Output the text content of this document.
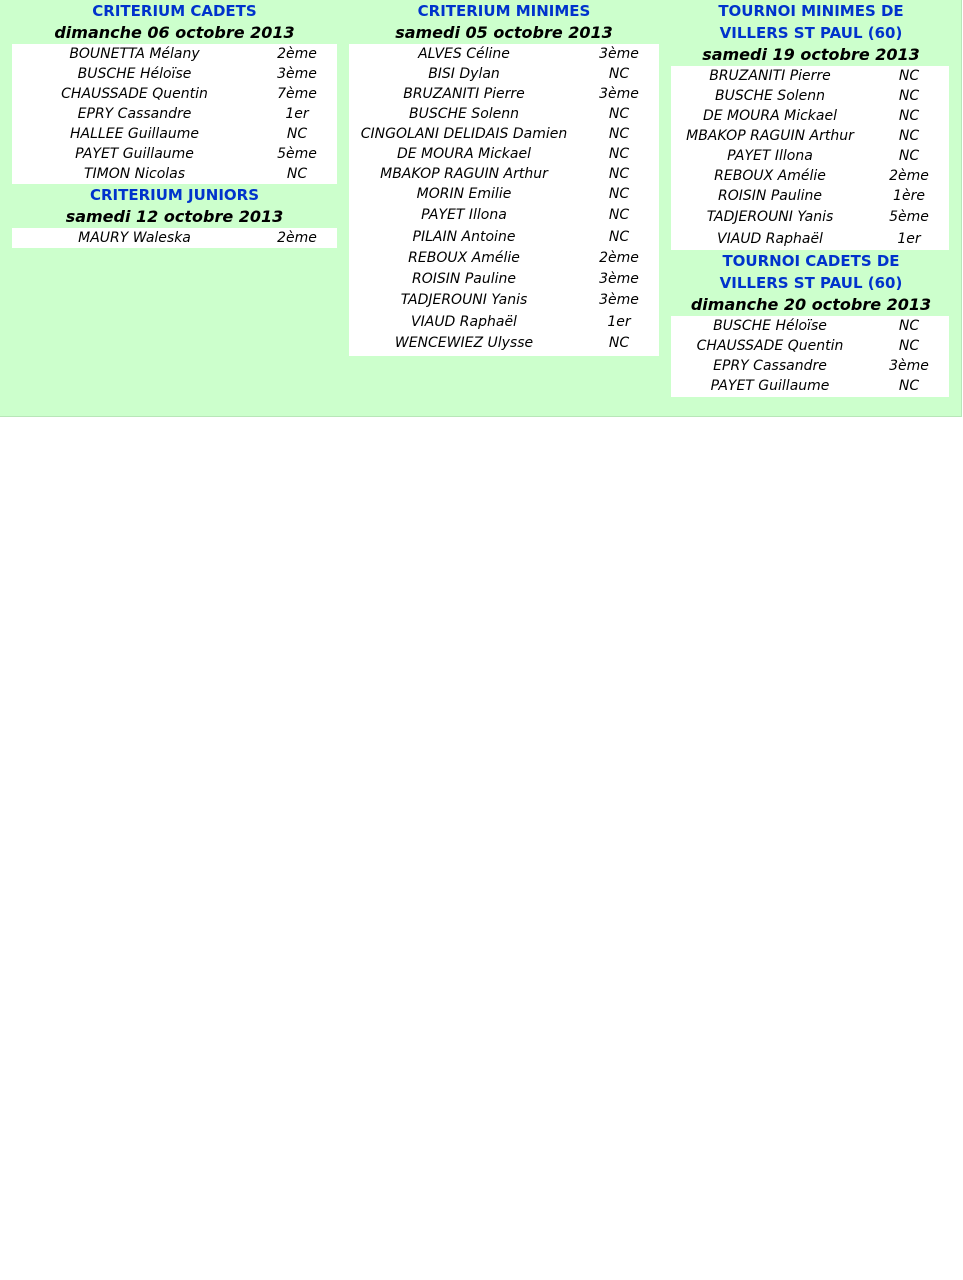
CRITERIUM CADETS
dimanche 06 octobre 2013
BOUNETTA Mélany	2ème
BUSCHE Héloïse	3ème
CHAUSSADE Quentin	7ème
EPRY Cassandre	1er
HALLEE Guillaume	NC
PAYET Guillaume	5ème
TIMON Nicolas	NC
CRITERIUM JUNIORS
samedi 12 octobre 2013
MAURY Waleska	2ème
CRITERIUM MINIMES
samedi 05 octobre 2013
ALVES Céline	3ème
BISI Dylan	NC
BRUZANITI Pierre	3ème
BUSCHE Solenn	NC
CINGOLANI DELIDAIS Damien	NC
DE MOURA Mickael	NC
MBAKOP RAGUIN Arthur	NC
MORIN Emilie	NC
PAYET Illona	NC
PILAIN Antoine	NC
REBOUX Amélie	2ème
ROISIN Pauline	3ème
TADJEROUNI Yanis	3ème
VIAUD Raphaël	1er
WENCEWIEZ Ulysse	NC
TOURNOI MINIMES DE
VILLERS ST PAUL (60)
samedi 19 octobre 2013
BRUZANITI Pierre	NC
BUSCHE Solenn	NC
DE MOURA Mickael	NC
MBAKOP RAGUIN Arthur	NC
PAYET Illona	NC
REBOUX Amélie	2ème
ROISIN Pauline	1ère
TADJEROUNI Yanis	5ème
VIAUD Raphaël	1er
TOURNOI CADETS DE
VILLERS ST PAUL (60)
dimanche 20 octobre 2013
BUSCHE Héloïse	NC
CHAUSSADE Quentin	NC
EPRY Cassandre	3ème
PAYET Guillaume	NC
